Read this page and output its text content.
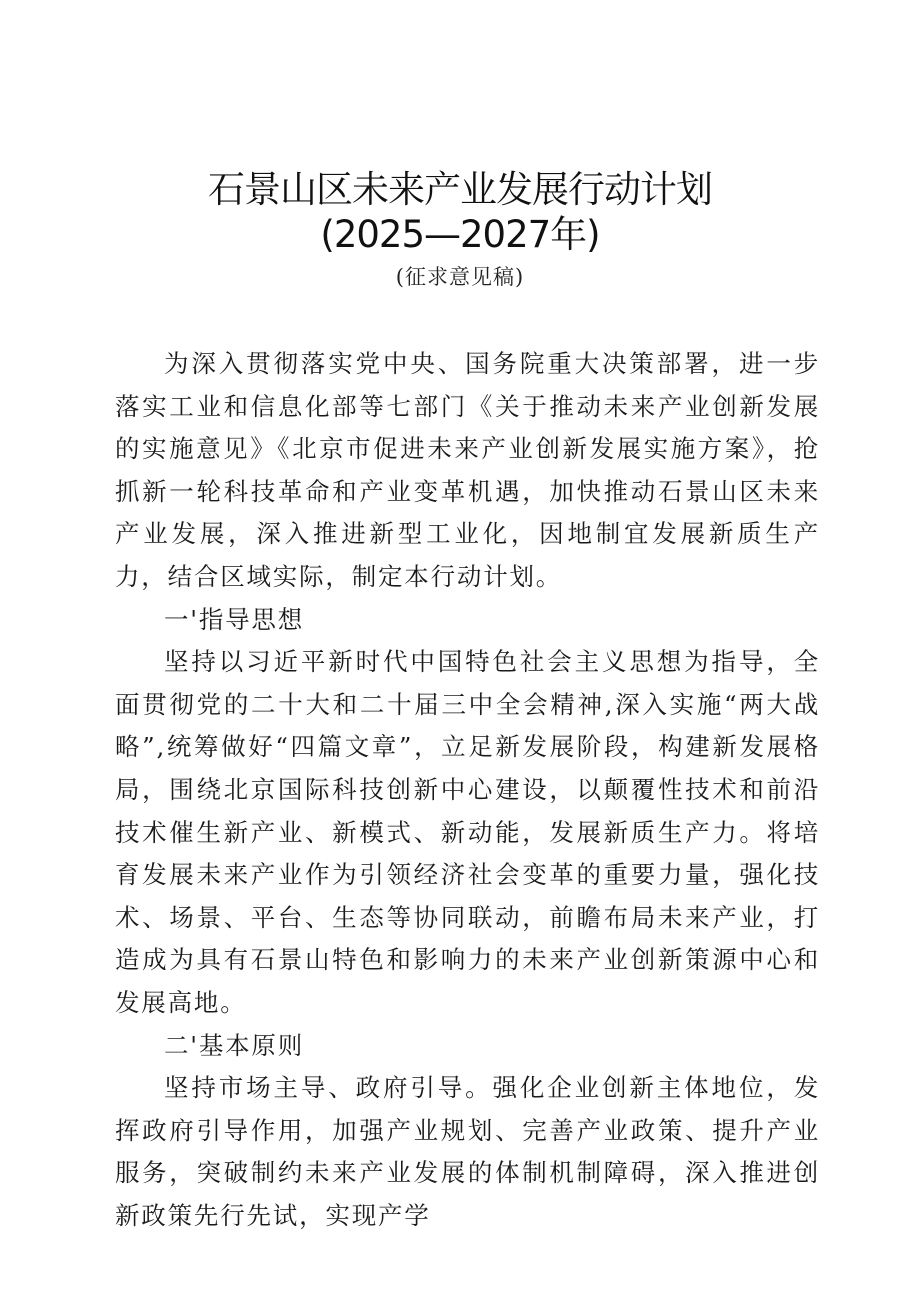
石景山区未来产业发展行动计划
(2025—2027年)
(征求意见稿)

为深入贯彻落实党中央、国务院重大决策部署，进一步落实工业和信息化部等七部门《关于推动未来产业创新发展的实施意见》《北京市促进未来产业创新发展实施方案》，抢抓新一轮科技革命和产业变革机遇，加快推动石景山区未来产业发展，深入推进新型工业化，因地制宜发展新质生产力，结合区域实际，制定本行动计划。

一'指导思想

坚持以习近平新时代中国特色社会主义思想为指导，全面贯彻党的二十大和二十届三中全会精神,深入实施“两大战略”,统筹做好“四篇文章”，立足新发展阶段，构建新发展格局，围绕北京国际科技创新中心建设，以颠覆性技术和前沿技术催生新产业、新模式、新动能，发展新质生产力。将培育发展未来产业作为引领经济社会变革的重要力量，强化技术、场景、平台、生态等协同联动，前瞻布局未来产业，打造成为具有石景山特色和影响力的未来产业创新策源中心和发展高地。

二'基本原则

坚持市场主导、政府引导。强化企业创新主体地位，发挥政府引导作用，加强产业规划、完善产业政策、提升产业服务，突破制约未来产业发展的体制机制障碍，深入推进创新政策先行先试，实现产学
